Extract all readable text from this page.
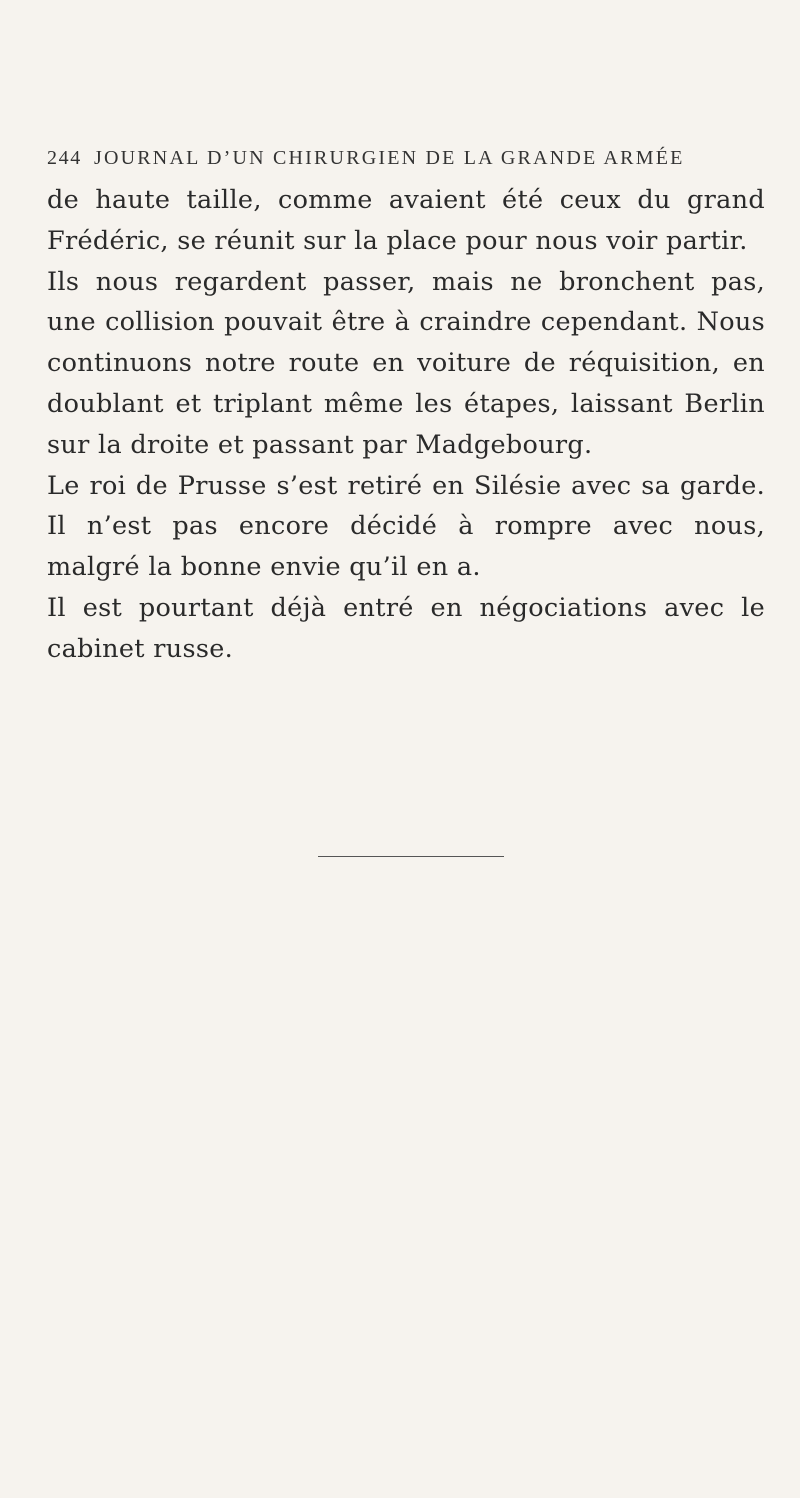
244 JOURNAL D’UN CHIRURGIEN DE LA GRANDE ARMÉE

de haute taille, comme avaient été ceux du grand Frédéric, se réunit sur la place pour nous voir partir.

Ils nous regardent passer, mais ne bronchent pas, une collision pouvait être à craindre cependant. Nous continuons notre route en voiture de réquisition, en doublant et triplant même les étapes, laissant Berlin sur la droite et passant par Madgebourg.

Le roi de Prusse s’est retiré en Silésie avec sa garde. Il n’est pas encore décidé à rompre avec nous, malgré la bonne envie qu’il en a.

Il est pourtant déjà entré en négociations avec le cabinet russe.
